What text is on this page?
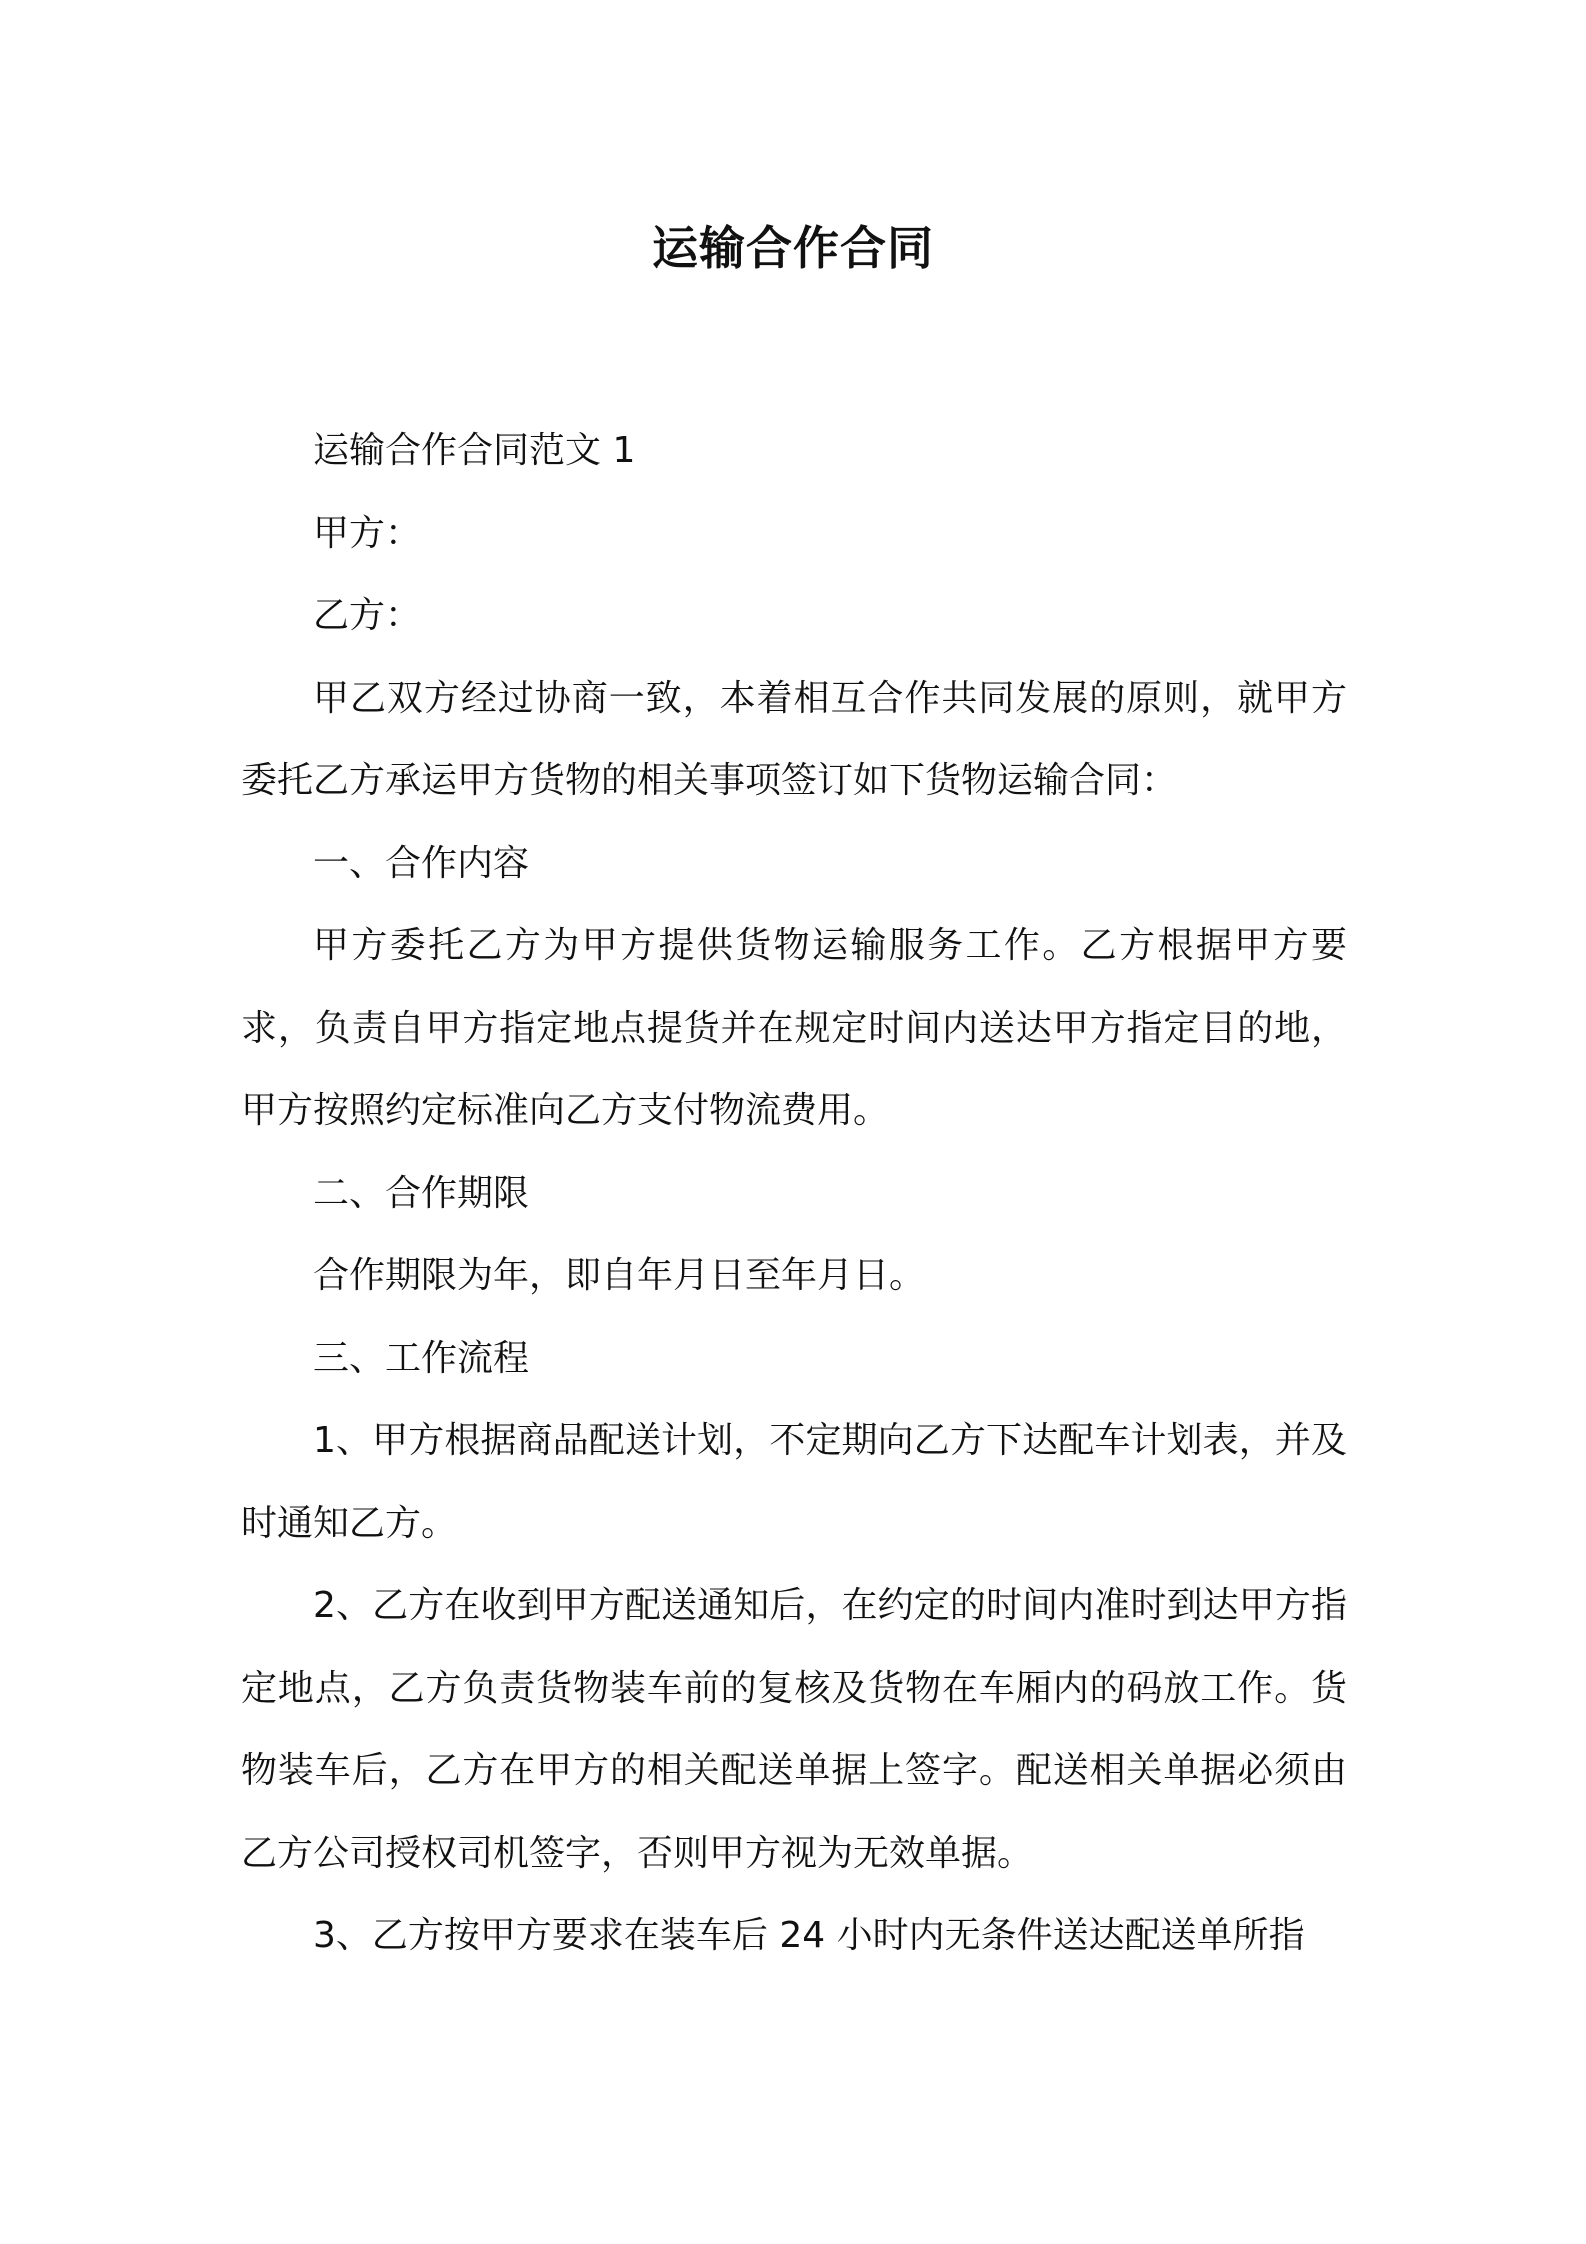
运输合作合同

运输合作合同范文 1

甲方：

乙方：

甲乙双方经过协商一致，本着相互合作共同发展的原则，就甲方委托乙方承运甲方货物的相关事项签订如下货物运输合同：

一、合作内容

甲方委托乙方为甲方提供货物运输服务工作。乙方根据甲方要求，负责自甲方指定地点提货并在规定时间内送达甲方指定目的地，甲方按照约定标准向乙方支付物流费用。

二、合作期限

合作期限为年，即自年月日至年月日。

三、工作流程

1、甲方根据商品配送计划，不定期向乙方下达配车计划表，并及时通知乙方。

2、乙方在收到甲方配送通知后，在约定的时间内准时到达甲方指定地点，乙方负责货物装车前的复核及货物在车厢内的码放工作。货物装车后，乙方在甲方的相关配送单据上签字。配送相关单据必须由乙方公司授权司机签字，否则甲方视为无效单据。

3、乙方按甲方要求在装车后 24 小时内无条件送达配送单所指
